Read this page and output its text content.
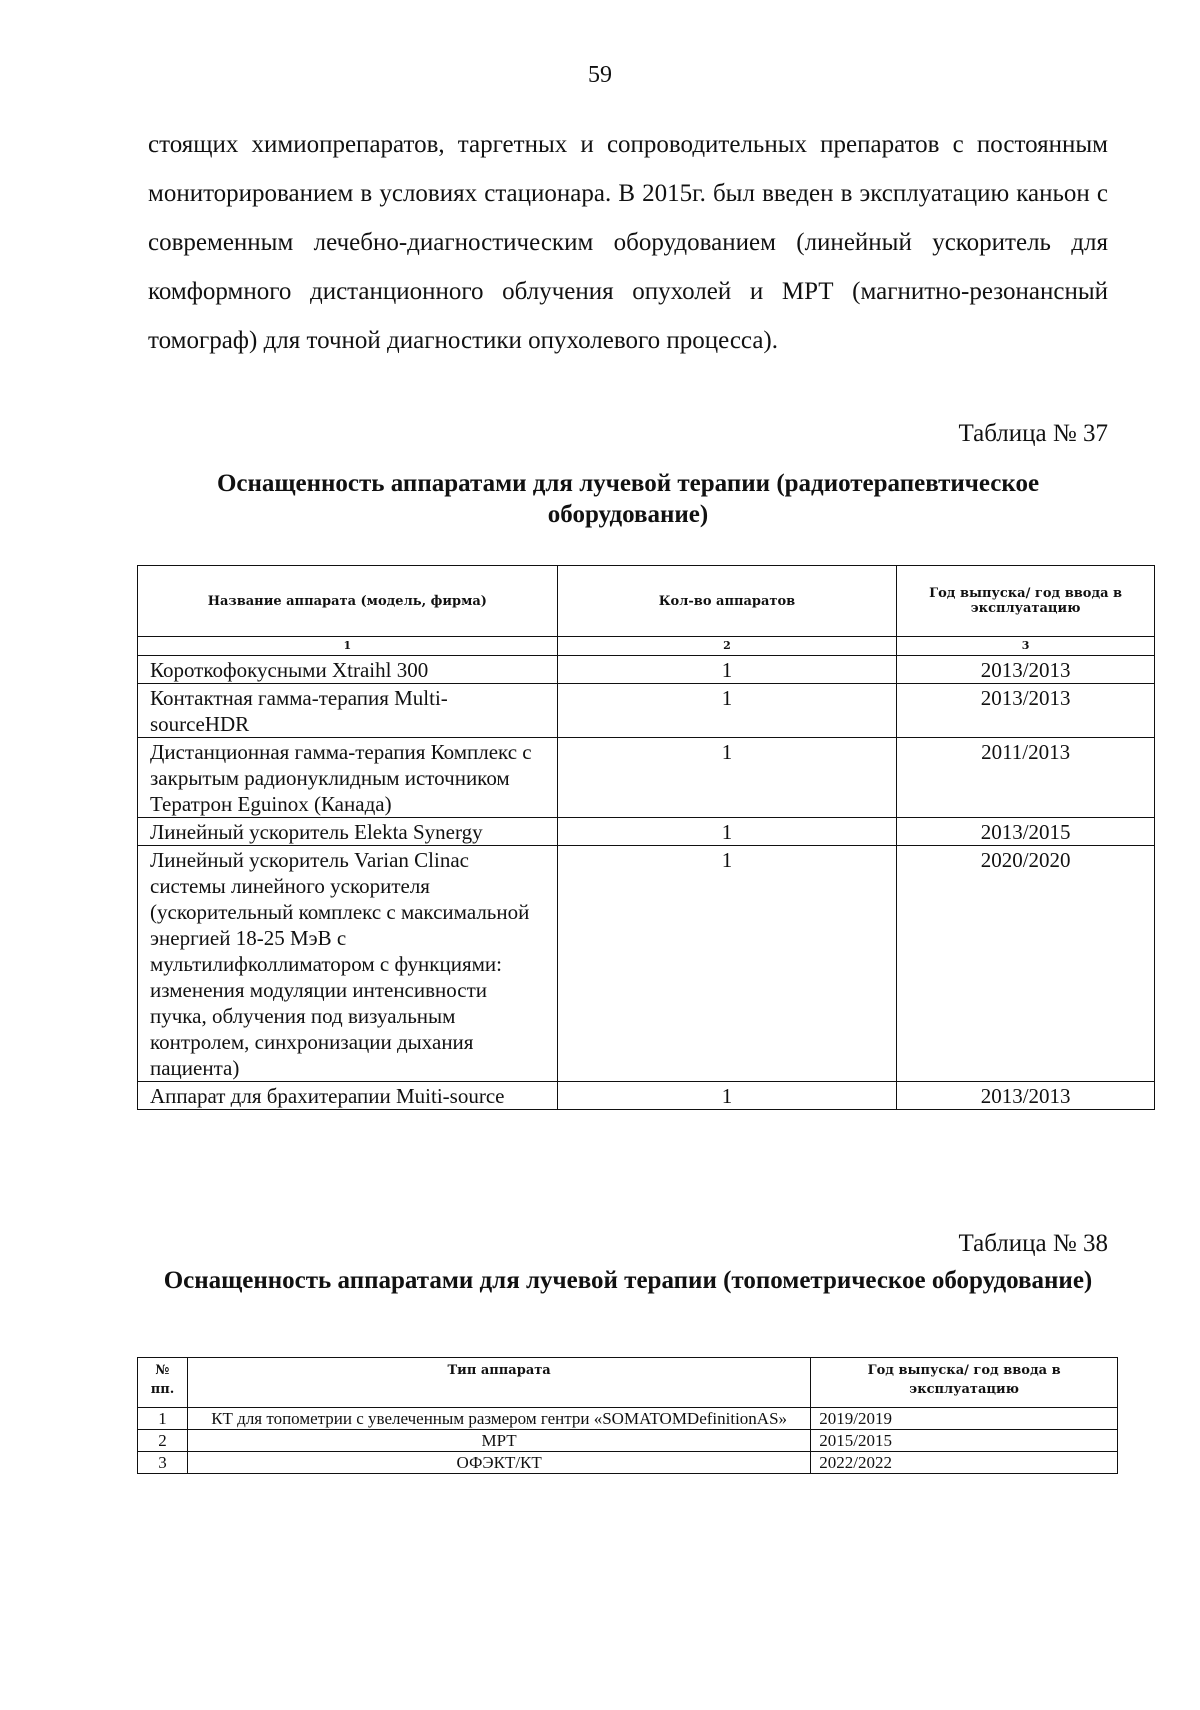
59

стоящих химиопрепаратов, таргетных и сопроводительных препаратов с постоянным мониторированием в условиях стационара. В 2015г. был введен в эксплуатацию каньон с современным лечебно-диагностическим оборудованием (линейный ускоритель для комформного дистанционного облучения опухолей и МРТ (магнитно-резонансный томограф) для точной диагностики опухолевого процесса).

Таблица № 37
Оснащенность аппаратами для лучевой терапии (радиотерапевтическое оборудование)
Название аппарата (модель, фирма)	Кол-во аппаратов	Год выпуска/ год ввода в эксплуатацию
1	2	3
Короткофокусными Xtraihl 300	1	2013/2013
Контактная гамма-терапия Multi-sourceHDR	1	2013/2013
Дистанционная гамма-терапия Комплекс с закрытым радионуклидным источником Тератрон Eguinox (Канада)	1	2011/2013
Линейный ускоритель Elekta Synergy	1	2013/2015
Линейный ускоритель Varian Clinac системы линейного ускорителя (ускорительный комплекс с максимальной энергией 18-25 МэВ с мультилифколлиматором с функциями: изменения модуляции интенсивности пучка, облучения под визуальным контролем, синхронизации дыхания пациента)	1	2020/2020
Аппарат для брахитерапии Muiti-source	1	2013/2013
Таблица № 38
Оснащенность аппаратами для лучевой терапии (топометрическое оборудование)
№ пп.	Тип аппарата	Год выпуска/ год ввода в эксплуатацию
1	КТ для топометрии с увелеченным размером гентри «SOMATOMDefinitionAS»	2019/2019
2	МРТ	2015/2015
3	ОФЭКТ/КТ	2022/2022
